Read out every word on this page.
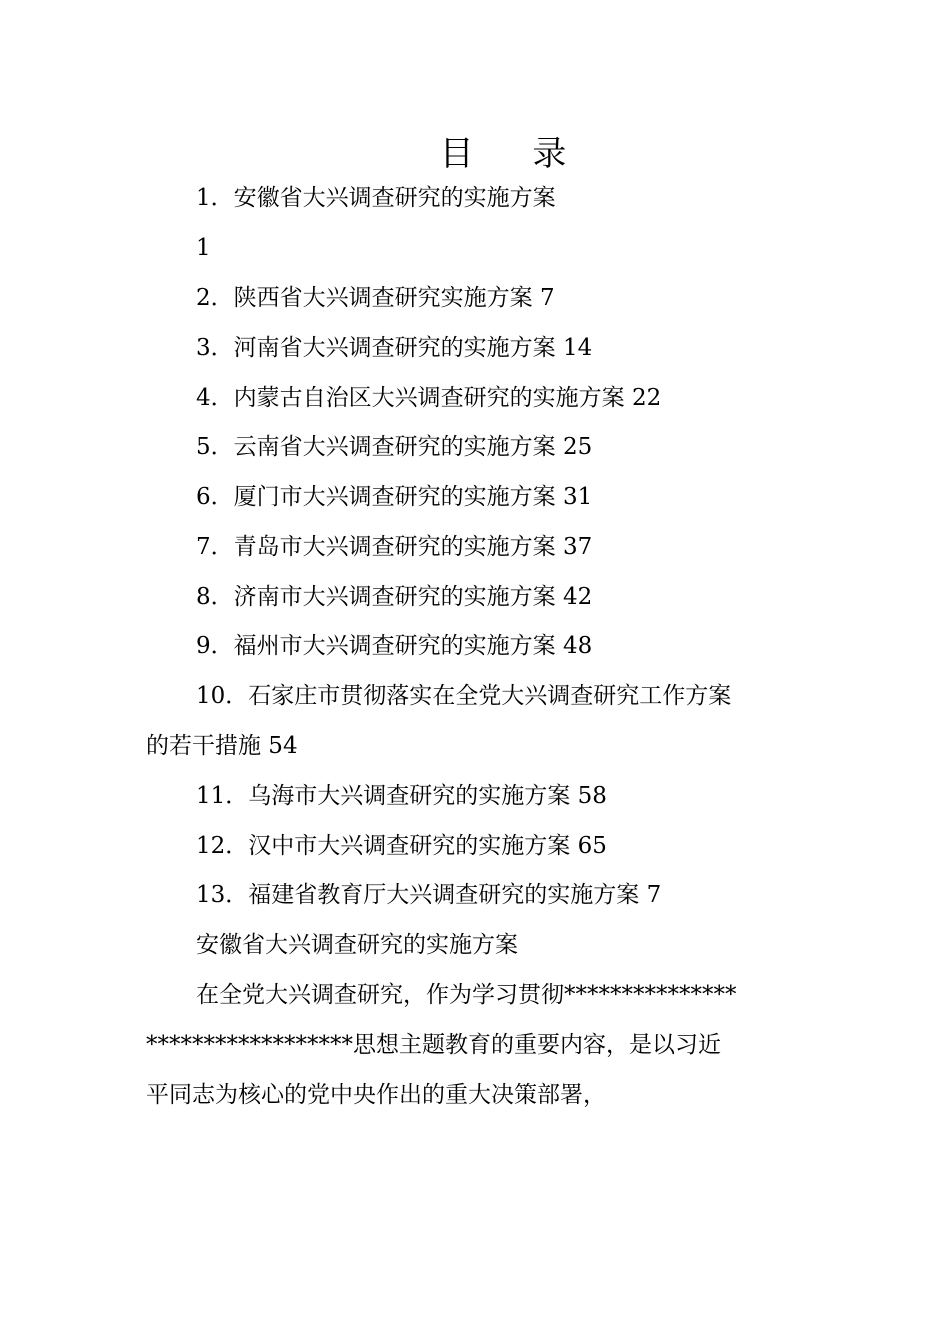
目 录
1．安徽省大兴调查研究的实施方案
1
2．陕西省大兴调查研究实施方案 7
3．河南省大兴调查研究的实施方案 14
4．内蒙古自治区大兴调查研究的实施方案 22
5．云南省大兴调查研究的实施方案 25
6．厦门市大兴调查研究的实施方案 31
7．青岛市大兴调查研究的实施方案 37
8．济南市大兴调查研究的实施方案 42
9．福州市大兴调查研究的实施方案 48
10．石家庄市贯彻落实在全党大兴调查研究工作方案
的若干措施 54
11．乌海市大兴调查研究的实施方案 58
12．汉中市大兴调查研究的实施方案 65
13．福建省教育厅大兴调查研究的实施方案 7
安徽省大兴调查研究的实施方案
在全党大兴调查研究，作为学习贯彻***************
******************思想主题教育的重要内容，是以习近
平同志为核心的党中央作出的重大决策部署，
